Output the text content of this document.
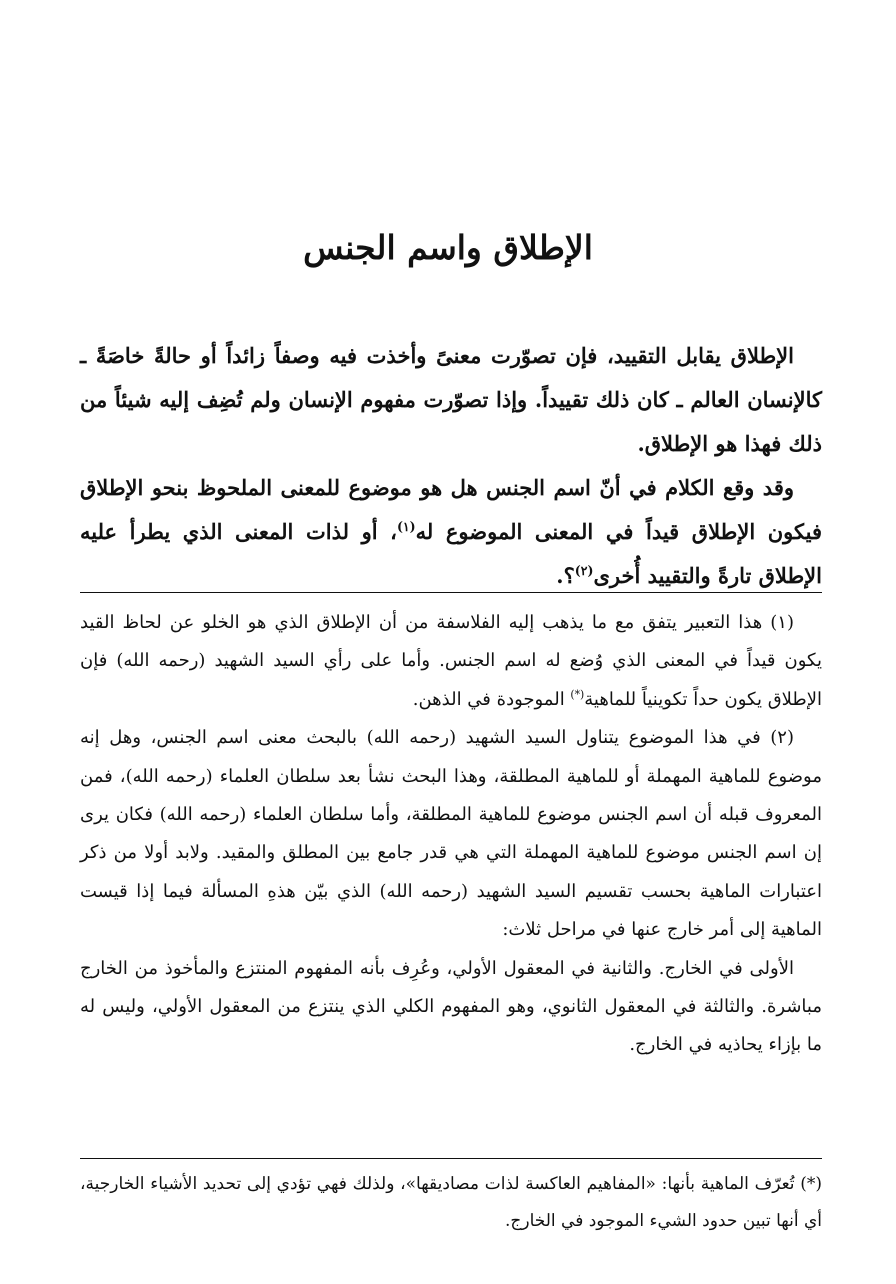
الإطلاق واسم الجنس

الإطلاق يقابل التقييد، فإن تصوّرت معنىً وأخذت فيه وصفاً زائداً أو حالةً خاصَةً ـ كالإنسان العالم ـ كان ذلك تقييداً. وإذا تصوّرت مفهوم الإنسان ولم تُضِف إليه شيئاً من ذلك فهذا هو الإطلاق.

وقد وقع الكلام في أنّ اسم الجنس هل هو موضوع للمعنى الملحوظ بنحو الإطلاق فيكون الإطلاق قيداً في المعنى الموضوع له$^{(١)}$، أو لذات المعنى الذي يطرأ عليه الإطلاق تارةً والتقييد أُخرى$^{(٢)}$؟.

(١) هذا التعبير يتفق مع ما يذهب إليه الفلاسفة من أن الإطلاق الذي هو الخلو عن لحاظ القيد يكون قيداً في المعنى الذي وُضع له اسم الجنس. وأما على رأي السيد الشهيد (رحمه الله) فإن الإطلاق يكون حداً تكوينياً للماهية(*) الموجودة في الذهن.

(٢) في هذا الموضوع يتناول السيد الشهيد (رحمه الله) بالبحث معنى اسم الجنس، وهل إنه موضوع للماهية المهملة أو للماهية المطلقة، وهذا البحث نشأ بعد سلطان العلماء (رحمه الله)، فمن المعروف قبله أن اسم الجنس موضوع للماهية المطلقة، وأما سلطان العلماء (رحمه الله) فكان يرى إن اسم الجنس موضوع للماهية المهملة التي هي قدر جامع بين المطلق والمقيد. ولابد أولا من ذكر اعتبارات الماهية بحسب تقسيم السيد الشهيد (رحمه الله) الذي بيّن هذهِ المسألة فيما إذا قيست الماهية إلى أمر خارج عنها في مراحل ثلاث:

الأولى في الخارج. والثانية في المعقول الأولي، وعُرِف بأنه المفهوم المنتزع والمأخوذ من الخارج مباشرة. والثالثة في المعقول الثانوي، وهو المفهوم الكلي الذي ينتزع من المعقول الأولي، وليس له ما بإزاء يحاذيه في الخارج.

(*) تُعرّف الماهية بأنها: «المفاهيم العاكسة لذات مصاديقها»، ولذلك فهي تؤدي إلى تحديد الأشياء الخارجية، أي أنها تبين حدود الشيء الموجود في الخارج.
